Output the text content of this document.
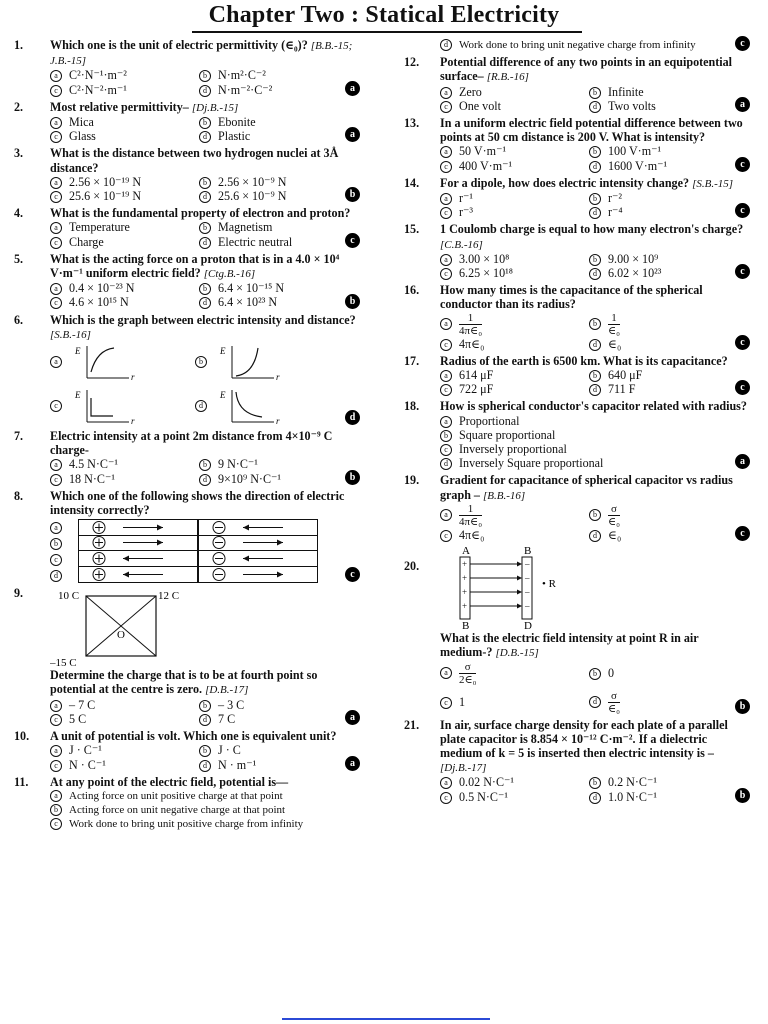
Chapter Two : Statical Electricity
1. Which one is the unit of electric permittivity (∈₀)? [B.B.-15; J.B.-15]
a C²·N⁻¹·m⁻²	b N·m²·C⁻²
c C²·N⁻²·m⁻¹	d N·m⁻²·C⁻²	a
2. Most relative permittivity– [Dj.B.-15]
a Mica	b Ebonite
c Glass	d Plastic	a
3. What is the distance between two hydrogen nuclei at 3Å distance?
a 2.56 × 10⁻¹⁹ N	b 2.56 × 10⁻⁹ N
c 25.6 × 10⁻¹⁹ N	d 25.6 × 10⁻⁹ N	b
4. What is the fundamental property of electron and proton?
a Temperature	b Magnetism
c Charge	d Electric neutral	c
5. What is the acting force on a proton that is in a 4.0 × 10⁴ V·m⁻¹ uniform electric field? [Ctg.B.-16]
a 0.4 × 10⁻²³ N	b 6.4 × 10⁻¹⁵ N
c 4.6 × 10¹⁵ N	d 6.4 × 10²³ N	b
6. Which is the graph between electric intensity and distance? [S.B.-16]
a
E
r
b
E
r
c
E
r
d
E
r	d
7. Electric intensity at a point 2m distance from 4×10⁻⁹ C charge-
a 4.5 N·C⁻¹	b 9 N·C⁻¹
c 18 N·C⁻¹	d 9×10⁹ N·C⁻¹	b
8. Which one of the following shows the direction of electric intensity correctly?
a
b
c
d	c
9.	10 C	12 C
–15 C
O
Determine the charge that is to be at fourth point so potential at the centre is zero. [D.B.-17]
a – 7 C	b – 3 C
c 5 C	d 7 C	a
10. A unit of potential is volt. Which one is equivalent unit?
a J · C⁻¹	b J · C
c N · C⁻¹	d N · m⁻¹	a
11. At any point of the electric field, potential is—
a Acting force on unit positive charge at that point
b Acting force on unit negative charge at that point
c Work done to bring unit positive charge from infinity
d Work done to bring unit negative charge from infinity	c
12. Potential difference of any two points in an equipotential surface– [R.B.-16]
a Zero	b Infinite
c One volt	d Two volts	a
13. In a uniform electric field potential difference between two points at 50 cm distance is 200 V. What is intensity?
a 50 V·m⁻¹	b 100 V·m⁻¹
c 400 V·m⁻¹	d 1600 V·m⁻¹	c
14. For a dipole, how does electric intensity change? [S.B.-15]
a r⁻¹	b r⁻²
c r⁻³	d r⁻⁴	c
15. 1 Coulomb charge is equal to how many electron's charge? [C.B.-16]
a 3.00 × 10⁸	b 9.00 × 10⁹
c 6.25 × 10¹⁸	d 6.02 × 10²³	c
16. How many times is the capacitance of the spherical conductor than its radius?
a $\frac{1}{\text{4π∈₀}}$	b $\frac{1}{\text{∈₀}}$
c 4π∈₀	d ∈₀	c
17. Radius of the earth is 6500 km. What is its capacitance?
a 614 μF	b 640 μF
c 722 μF	d 711 F	c
18. How is spherical conductor's capacitor related with radius?
a Proportional
b Square proportional
c Inversely proportional
d Inversely Square proportional	a
19. Gradient for capacitance of spherical capacitor vs radius graph – [B.B.-16]
a $\frac{1}{\text{4π∈₀}}$	b $\frac{\sigma}{\text{∈₀}}$
c 4π∈₀	d ∈₀	c
20.
A	B
+
+
+
+
–
–
–
–
B	D
• R
What is the electric field intensity at point R in air medium-? [D.B.-15]
a $\frac{\sigma}{\text{2∈₀}}$	b 0
c 1	d $\frac{\sigma}{\text{∈₀}}$	b
21. In air, surface charge density for each plate of a parallel plate capacitor is 8.854 × 10⁻¹² C·m⁻². If a dielectric medium of k = 5 is inserted then electric intensity is – [Dj.B.-17]
a 0.02 N·C⁻¹	b 0.2 N·C⁻¹
c 0.5 N·C⁻¹	d 1.0 N·C⁻¹	b
